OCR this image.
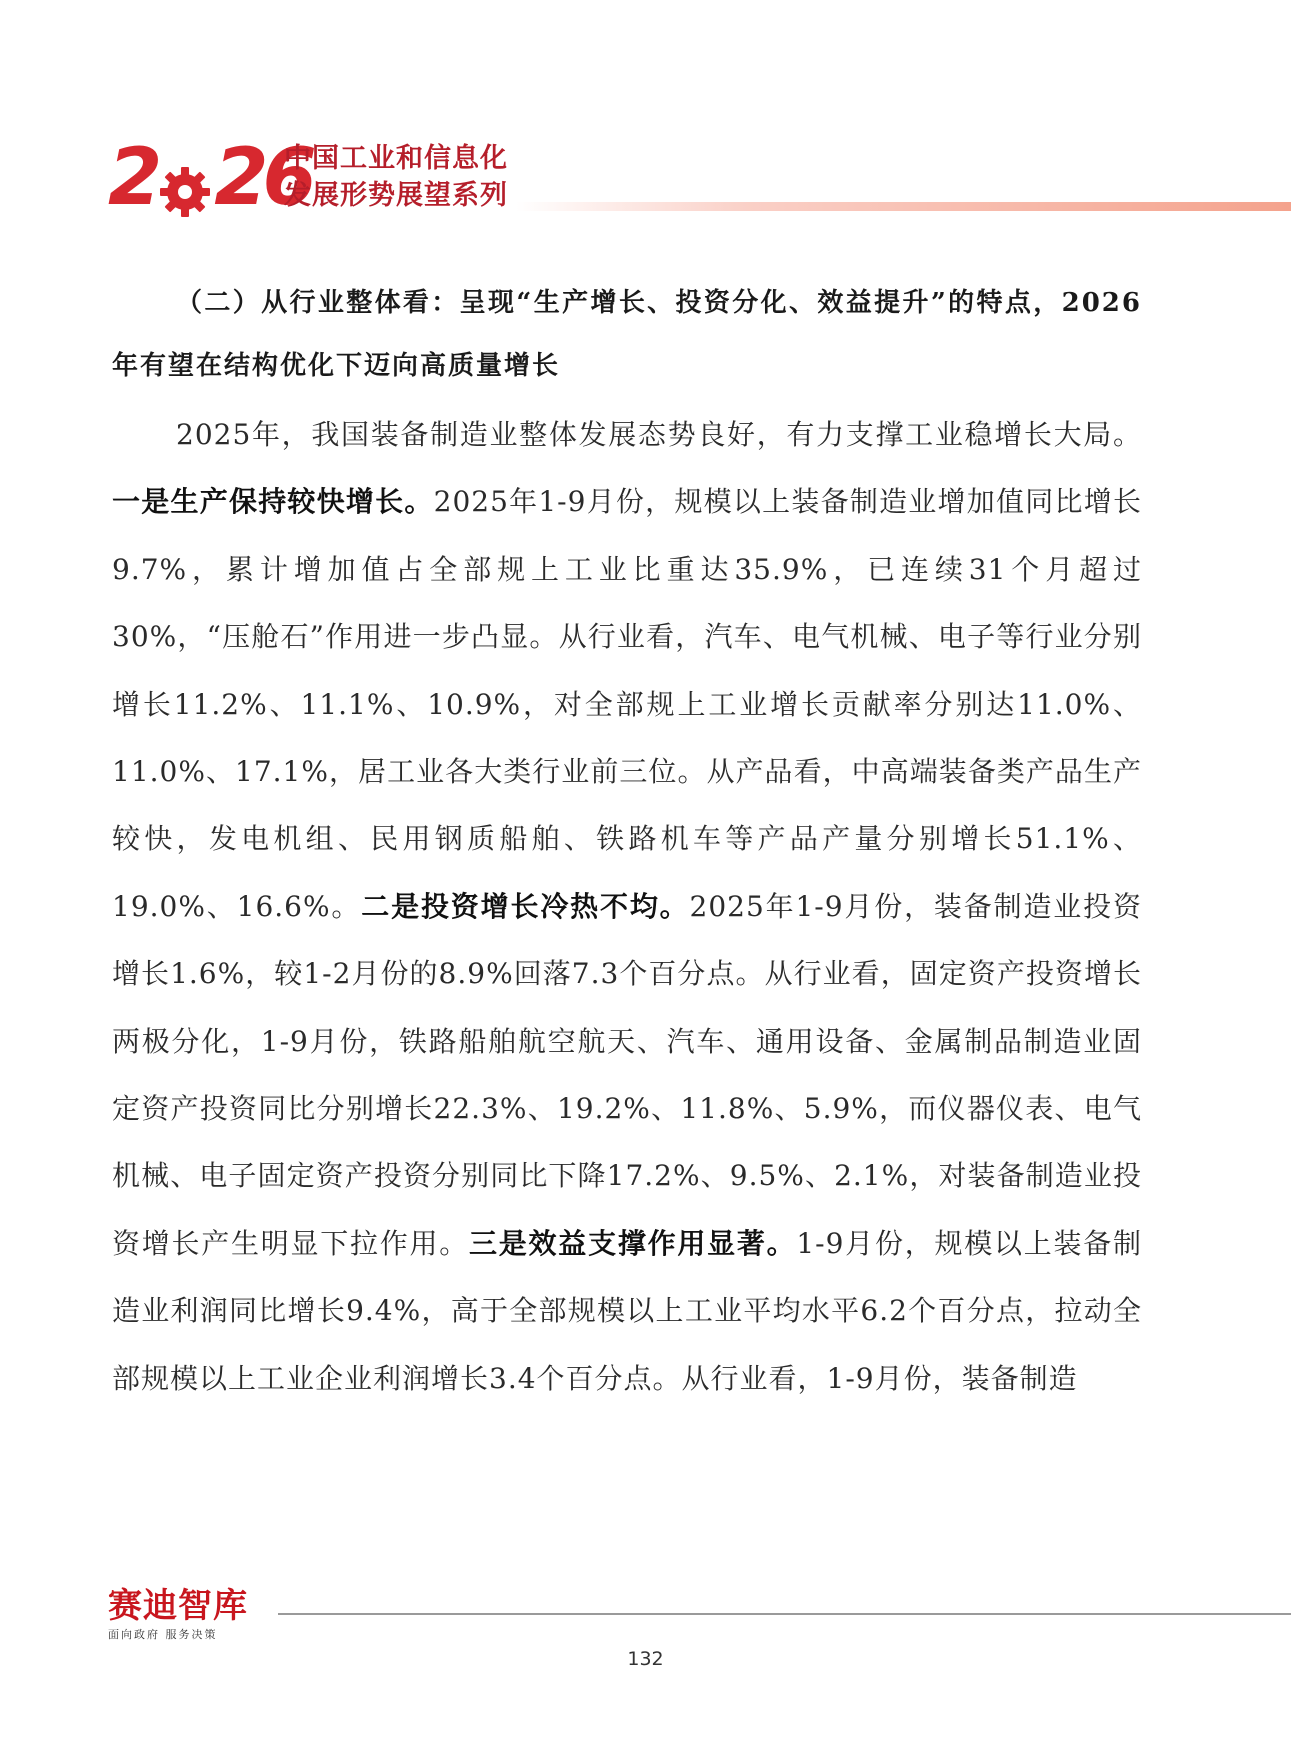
2 26
中国工业和信息化
发展形势展望系列

（二）从行业整体看：呈现“生产增长、投资分化、效益提升”的特点，2026年有望在结构优化下迈向高质量增长

2025年，我国装备制造业整体发展态势良好，有力支撑工业稳增长大局。一是生产保持较快增长。2025年1-9月份，规模以上装备制造业增加值同比增长9.7%，累计增加值占全部规上工业比重达35.9%，已连续31个月超过30%，“压舱石”作用进一步凸显。从行业看，汽车、电气机械、电子等行业分别增长11.2%、11.1%、10.9%，对全部规上工业增长贡献率分别达11.0%、11.0%、17.1%，居工业各大类行业前三位。从产品看，中高端装备类产品生产较快，发电机组、民用钢质船舶、铁路机车等产品产量分别增长51.1%、19.0%、16.6%。二是投资增长冷热不均。2025年1-9月份，装备制造业投资增长1.6%，较1-2月份的8.9%回落7.3个百分点。从行业看，固定资产投资增长两极分化，1-9月份，铁路船舶航空航天、汽车、通用设备、金属制品制造业固定资产投资同比分别增长22.3%、19.2%、11.8%、5.9%，而仪器仪表、电气机械、电子固定资产投资分别同比下降17.2%、9.5%、2.1%，对装备制造业投资增长产生明显下拉作用。三是效益支撑作用显著。1-9月份，规模以上装备制造业利润同比增长9.4%，高于全部规模以上工业平均水平6.2个百分点，拉动全部规模以上工业企业利润增长3.4个百分点。从行业看，1-9月份，装备制造

赛迪智库
面向政府 服务决策
132
